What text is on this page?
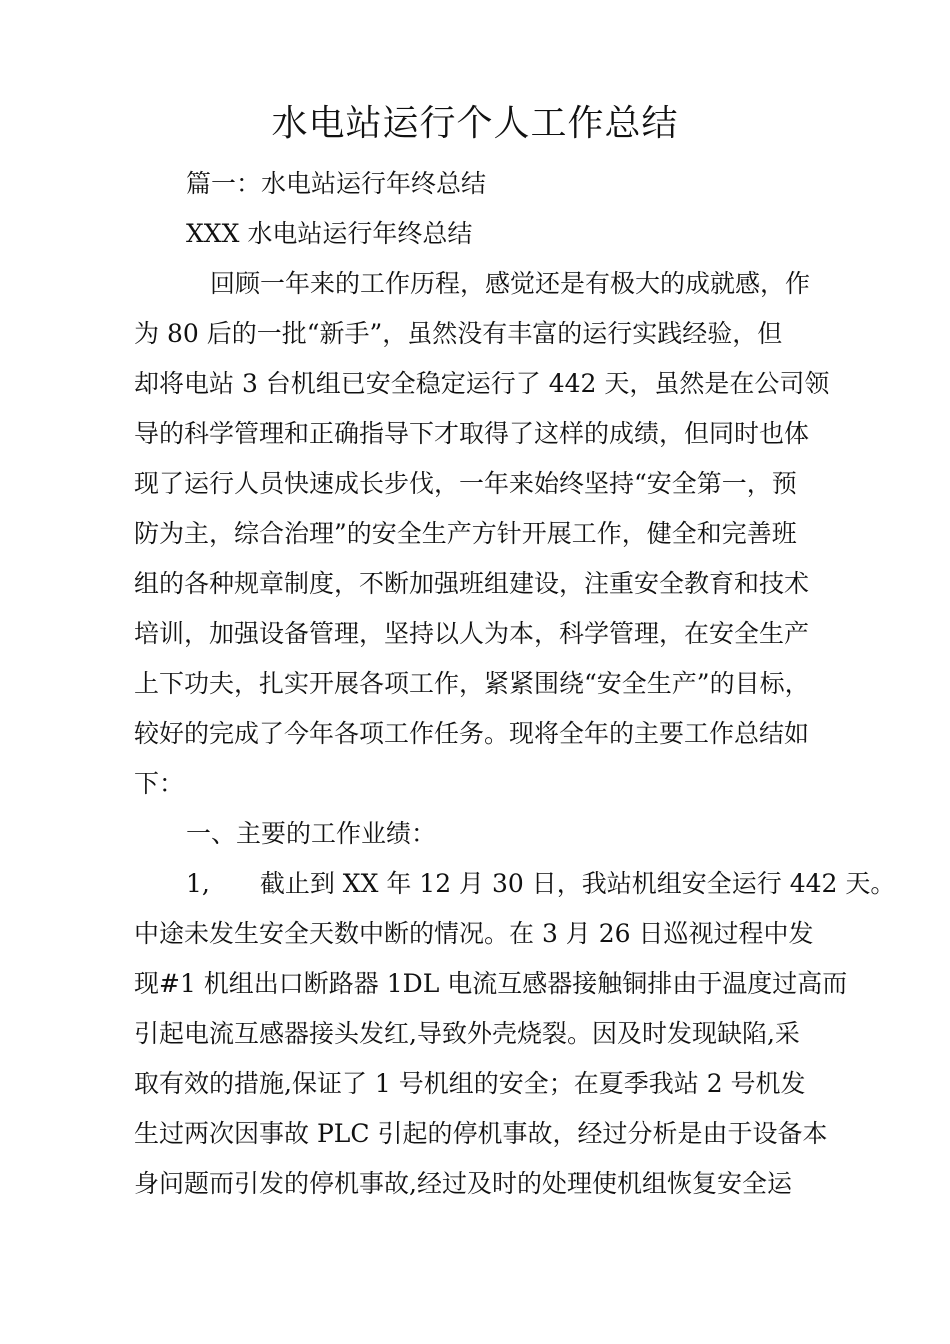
水电站运行个人工作总结
篇一：水电站运行年终总结
XXX 水电站运行年终总结
回顾一年来的工作历程，感觉还是有极大的成就感，作
为 80 后的一批“新手”，虽然没有丰富的运行实践经验，但
却将电站 3 台机组已安全稳定运行了 442 天，虽然是在公司领
导的科学管理和正确指导下才取得了这样的成绩，但同时也体
现了运行人员快速成长步伐，一年来始终坚持“安全第一，预
防为主，综合治理”的安全生产方针开展工作，健全和完善班
组的各种规章制度，不断加强班组建设，注重安全教育和技术
培训，加强设备管理，坚持以人为本，科学管理，在安全生产
上下功夫，扎实开展各项工作，紧紧围绕“安全生产”的目标，
较好的完成了今年各项工作任务。现将全年的主要工作总结如
下：
一、主要的工作业绩：
1,　　截止到 XX 年 12 月 30 日，我站机组安全运行 442 天。
中途未发生安全天数中断的情况。在 3 月 26 日巡视过程中发
现#1 机组出口断路器 1DL 电流互感器接触铜排由于温度过高而
引起电流互感器接头发红,导致外壳烧裂。因及时发现缺陷,采
取有效的措施,保证了 1 号机组的安全；在夏季我站 2 号机发
生过两次因事故 PLC 引起的停机事故，经过分析是由于设备本
身问题而引发的停机事故,经过及时的处理使机组恢复安全运
